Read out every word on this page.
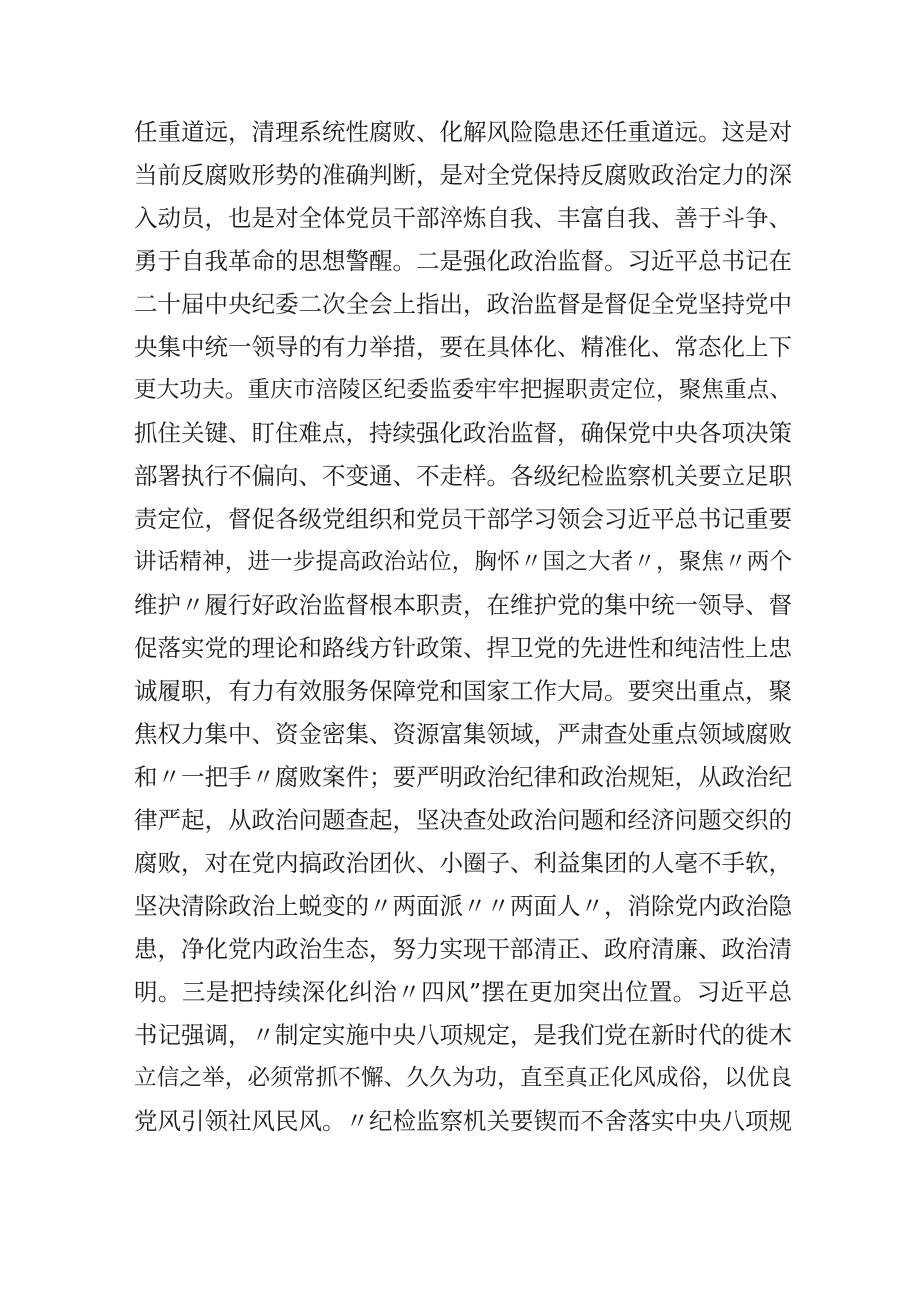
任重道远，清理系统性腐败、化解风险隐患还任重道远。这是对
当前反腐败形势的准确判断，是对全党保持反腐败政治定力的深
入动员，也是对全体党员干部淬炼自我、丰富自我、善于斗争、
勇于自我革命的思想警醒。二是强化政治监督。习近平总书记在
二十届中央纪委二次全会上指出，政治监督是督促全党坚持党中
央集中统一领导的有力举措，要在具体化、精准化、常态化上下
更大功夫。重庆市涪陵区纪委监委牢牢把握职责定位，聚焦重点、
抓住关键、盯住难点，持续强化政治监督，确保党中央各项决策
部署执行不偏向、不变通、不走样。各级纪检监察机关要立足职
责定位，督促各级党组织和党员干部学习领会习近平总书记重要
讲话精神，进一步提高政治站位，胸怀〃国之大者〃，聚焦〃两个
维护〃履行好政治监督根本职责，在维护党的集中统一领导、督
促落实党的理论和路线方针政策、捍卫党的先进性和纯洁性上忠
诚履职，有力有效服务保障党和国家工作大局。要突出重点，聚
焦权力集中、资金密集、资源富集领域，严肃查处重点领域腐败
和〃一把手〃腐败案件；要严明政治纪律和政治规矩，从政治纪
律严起，从政治问题查起，坚决查处政治问题和经济问题交织的
腐败，对在党内搞政治团伙、小圈子、利益集团的人毫不手软，
坚决清除政治上蜕变的〃两面派〃〃两面人〃，消除党内政治隐
患，净化党内政治生态，努力实现干部清正、政府清廉、政治清
明。三是把持续深化纠治〃四风”摆在更加突出位置。习近平总
书记强调，〃制定实施中央八项规定，是我们党在新时代的徙木
立信之举，必须常抓不懈、久久为功，直至真正化风成俗，以优良
党风引领社风民风。〃纪检监察机关要锲而不舍落实中央八项规
